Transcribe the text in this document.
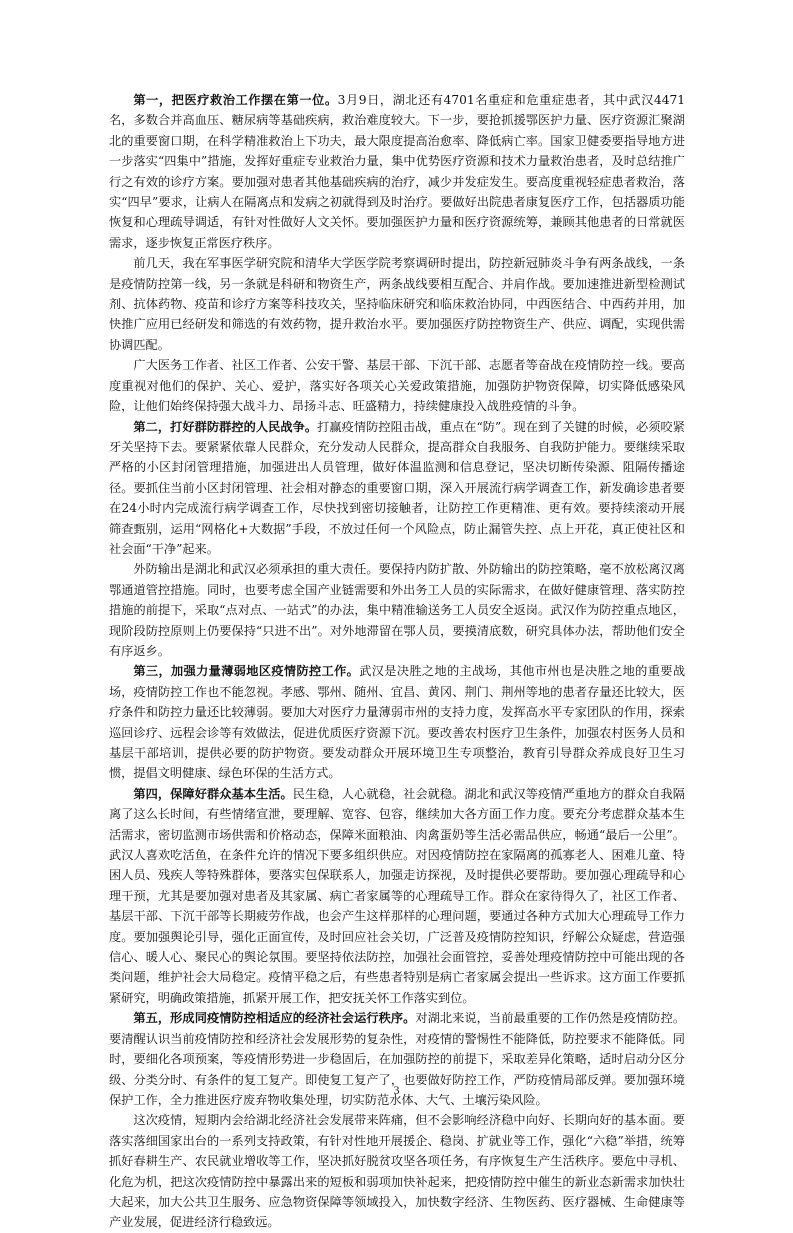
第一，把医疗救治工作摆在第一位。3月9日，湖北还有4701名重症和危重症患者，其中武汉4471名，多数合并高血压、糖尿病等基础疾病，救治难度较大。下一步，要抢抓援鄂医护力量、医疗资源汇聚湖北的重要窗口期，在科学精准救治上下功夫，最大限度提高治愈率、降低病亡率。国家卫健委要指导地方进一步落实“四集中”措施，发挥好重症专业救治力量，集中优势医疗资源和技术力量救治患者，及时总结推广行之有效的诊疗方案。要加强对患者其他基础疾病的治疗，减少并发症发生。要高度重视轻症患者救治，落实“四早”要求，让病人在隔离点和发病之初就得到及时治疗。要做好出院患者康复医疗工作，包括器质功能恢复和心理疏导调适，有针对性做好人文关怀。要加强医护力量和医疗资源统筹，兼顾其他患者的日常就医需求，逐步恢复正常医疗秩序。

前几天，我在军事医学研究院和清华大学医学院考察调研时提出，防控新冠肺炎斗争有两条战线，一条是疫情防控第一线，另一条就是科研和物资生产，两条战线要相互配合、并肩作战。要加速推进新型检测试剂、抗体药物、疫苗和诊疗方案等科技攻关，坚持临床研究和临床救治协同，中西医结合、中西药并用，加快推广应用已经研发和筛选的有效药物，提升救治水平。要加强医疗防控物资生产、供应、调配，实现供需协调匹配。

广大医务工作者、社区工作者、公安干警、基层干部、下沉干部、志愿者等奋战在疫情防控一线。要高度重视对他们的保护、关心、爱护，落实好各项关心关爱政策措施，加强防护物资保障，切实降低感染风险，让他们始终保持强大战斗力、昂扬斗志、旺盛精力，持续健康投入战胜疫情的斗争。

第二，打好群防群控的人民战争。打赢疫情防控阻击战，重点在“防”。现在到了关键的时候，必须咬紧牙关坚持下去。要紧紧依靠人民群众，充分发动人民群众，提高群众自我服务、自我防护能力。要继续采取严格的小区封闭管理措施，加强进出人员管理，做好体温监测和信息登记，坚决切断传染源、阻隔传播途径。要抓住当前小区封闭管理、社会相对静态的重要窗口期，深入开展流行病学调查工作，新发确诊患者要在24小时内完成流行病学调查工作，尽快找到密切接触者，让防控工作更精准、更有效。要持续滚动开展筛查甄别，运用“网格化+大数据”手段，不放过任何一个风险点，防止漏管失控、点上开花，真正使社区和社会面“干净”起来。

外防输出是湖北和武汉必须承担的重大责任。要保持内防扩散、外防输出的防控策略，毫不放松离汉离鄂通道管控措施。同时，也要考虑全国产业链需要和外出务工人员的实际需求，在做好健康管理、落实防控措施的前提下，采取“点对点、一站式”的办法，集中精准输送务工人员安全返岗。武汉作为防控重点地区，现阶段防控原则上仍要保持“只进不出”。对外地滞留在鄂人员，要摸清底数，研究具体办法，帮助他们安全有序返乡。

第三，加强力量薄弱地区疫情防控工作。武汉是决胜之地的主战场，其他市州也是决胜之地的重要战场，疫情防控工作也不能忽视。孝感、鄂州、随州、宜昌、黄冈、荆门、荆州等地的患者存量还比较大，医疗条件和防控力量还比较薄弱。要加大对医疗力量薄弱市州的支持力度，发挥高水平专家团队的作用，探索巡回诊疗、远程会诊等有效做法，促进优质医疗资源下沉。要改善农村医疗卫生条件，加强农村医务人员和基层干部培训，提供必要的防护物资。要发动群众开展环境卫生专项整治，教育引导群众养成良好卫生习惯，提倡文明健康、绿色环保的生活方式。

第四，保障好群众基本生活。民生稳，人心就稳，社会就稳。湖北和武汉等疫情严重地方的群众自我隔离了这么长时间，有些情绪宣泄，要理解、宽容、包容，继续加大各方面工作力度。要充分考虑群众基本生活需求，密切监测市场供需和价格动态，保障米面粮油、肉禽蛋奶等生活必需品供应，畅通“最后一公里”。武汉人喜欢吃活鱼，在条件允许的情况下要多组织供应。对因疫情防控在家隔离的孤寡老人、困难儿童、特困人员、残疾人等特殊群体，要落实包保联系人，加强走访探视，及时提供必要帮助。要加强心理疏导和心理干预，尤其是要加强对患者及其家属、病亡者家属等的心理疏导工作。群众在家待得久了，社区工作者、基层干部、下沉干部等长期疲劳作战，也会产生这样那样的心理问题，要通过各种方式加大心理疏导工作力度。要加强舆论引导，强化正面宣传，及时回应社会关切，广泛普及疫情防控知识，纾解公众疑虑，营造强信心、暖人心、聚民心的舆论氛围。要坚持依法防控，加强社会面管控，妥善处理疫情防控中可能出现的各类问题，维护社会大局稳定。疫情平稳之后，有些患者特别是病亡者家属会提出一些诉求。这方面工作要抓紧研究，明确政策措施，抓紧开展工作，把安抚关怀工作落实到位。

第五，形成同疫情防控相适应的经济社会运行秩序。对湖北来说，当前最重要的工作仍然是疫情防控。要清醒认识当前疫情防控和经济社会发展形势的复杂性，对疫情的警惕性不能降低，防控要求不能降低。同时，要细化各项预案，等疫情形势进一步稳固后，在加强防控的前提下，采取差异化策略，适时启动分区分级、分类分时、有条件的复工复产。即使复工复产了，也要做好防控工作，严防疫情局部反弹。要加强环境保护工作，全力推进医疗废弃物收集处理，切实防范水体、大气、土壤污染风险。

这次疫情，短期内会给湖北经济社会发展带来阵痛，但不会影响经济稳中向好、长期向好的基本面。要落实落细国家出台的一系列支持政策，有针对性地开展援企、稳岗、扩就业等工作，强化“六稳”举措，统筹抓好春耕生产、农民就业增收等工作，坚决抓好脱贫攻坚各项任务，有序恢复生产生活秩序。要危中寻机、化危为机，把这次疫情防控中暴露出来的短板和弱项加快补起来，把疫情防控中催生的新业态新需求加快壮大起来，加大公共卫生服务、应急物资保障等领域投入，加快数字经济、生物医药、医疗器械、生命健康等产业发展，促进经济行稳致远。

3
